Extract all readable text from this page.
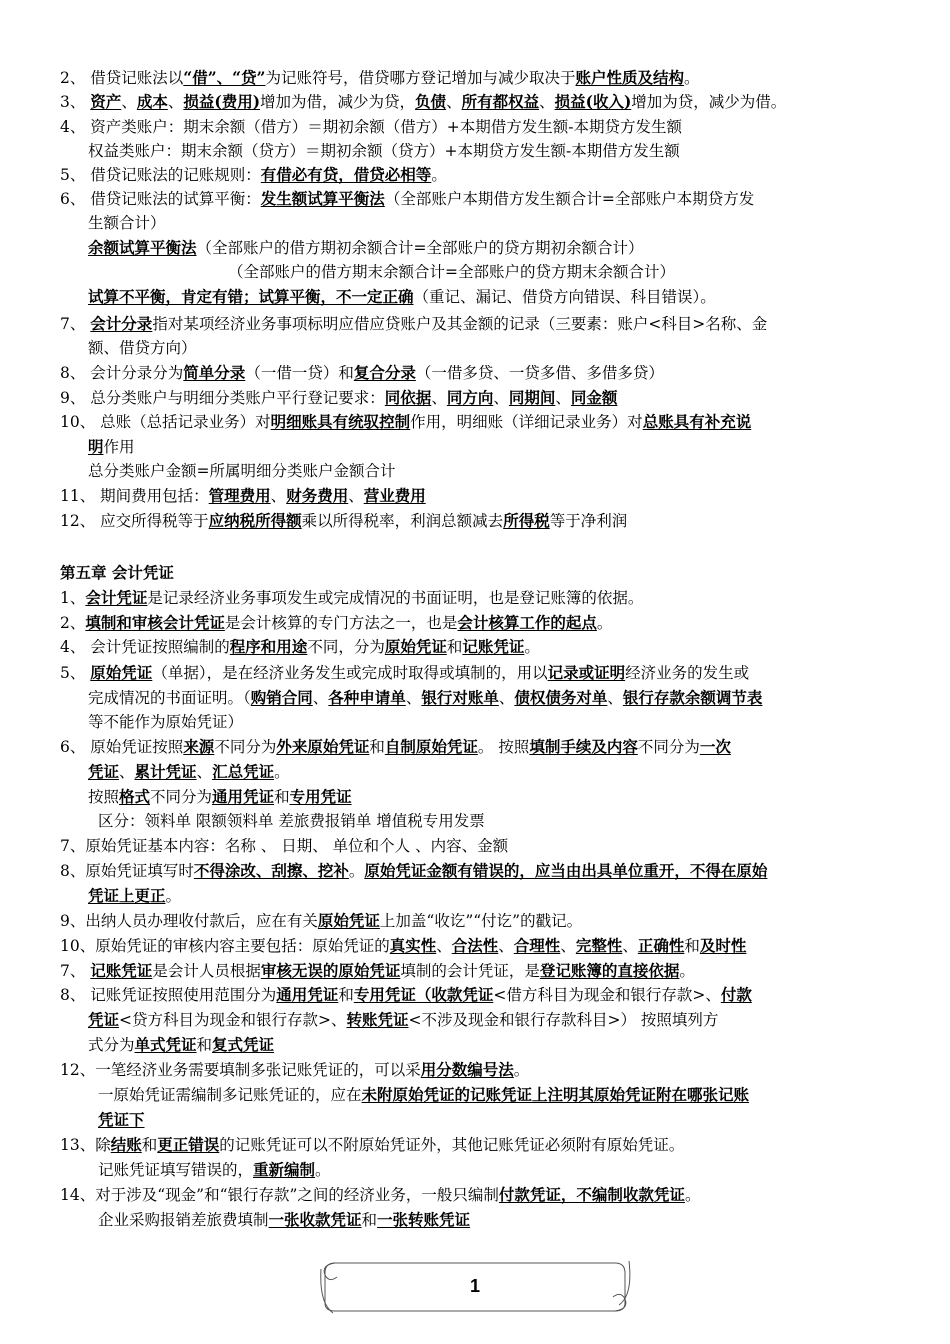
2、 借贷记账法以“借”、“贷”为记账符号，借贷哪方登记增加与减少取决于账户性质及结构。
3、 资产、成本、损益(费用)增加为借，减少为贷，负债、所有都权益、损益(收入)增加为贷，减少为借。
4、 资产类账户：期末余额（借方）＝期初余额（借方）+本期借方发生额-本期贷方发生额
权益类账户：期末余额（贷方）＝期初余额（贷方）+本期贷方发生额-本期借方发生额
5、 借贷记账法的记账规则：有借必有贷，借贷必相等。
6、 借贷记账法的试算平衡：发生额试算平衡法（全部账户本期借方发生额合计=全部账户本期贷方发
生额合计）
余额试算平衡法（全部账户的借方期初余额合计=全部账户的贷方期初余额合计）
（全部账户的借方期末余额合计=全部账户的贷方期末余额合计）
试算不平衡，肯定有错；试算平衡，不一定正确（重记、漏记、借贷方向错误、科目错误）。
7、 会计分录指对某项经济业务事项标明应借应贷账户及其金额的记录（三要素：账户<科目>名称、金
额、借贷方向）
8、 会计分录分为简单分录（一借一贷）和复合分录（一借多贷、一贷多借、多借多贷）
9、 总分类账户与明细分类账户平行登记要求：同依据、同方向、同期间、同金额
10、 总账（总括记录业务）对明细账具有统驭控制作用，明细账（详细记录业务）对总账具有补充说
明作用
总分类账户金额=所属明细分类账户金额合计
11、 期间费用包括：管理费用、财务费用、营业费用
12、 应交所得税等于应纳税所得额乘以所得税率，利润总额减去所得税等于净利润
第五章 会计凭证
1、会计凭证是记录经济业务事项发生或完成情况的书面证明，也是登记账簿的依据。
2、填制和审核会计凭证是会计核算的专门方法之一，也是会计核算工作的起点。
4、 会计凭证按照编制的程序和用途不同，分为原始凭证和记账凭证。
5、 原始凭证（单据），是在经济业务发生或完成时取得或填制的，用以记录或证明经济业务的发生或
完成情况的书面证明。（购销合同、各种申请单、银行对账单、债权债务对单、银行存款余额调节表
等不能作为原始凭证）
6、 原始凭证按照来源不同分为外来原始凭证和自制原始凭证。 按照填制手续及内容不同分为一次
凭证、累计凭证、汇总凭证。
按照格式不同分为通用凭证和专用凭证
区分：领料单 限额领料单 差旅费报销单 增值税专用发票
7、原始凭证基本内容：名称 、 日期、 单位和个人 、内容、金额
8、原始凭证填写时不得涂改、刮擦、挖补。原始凭证金额有错误的，应当由出具单位重开，不得在原始
凭证上更正。
9、出纳人员办理收付款后，应在有关原始凭证上加盖“收讫”“付讫”的戳记。
10、原始凭证的审核内容主要包括：原始凭证的真实性、合法性、合理性、完整性、正确性和及时性
7、 记账凭证是会计人员根据审核无误的原始凭证填制的会计凭证，是登记账簿的直接依据。
8、 记账凭证按照使用范围分为通用凭证和专用凭证（收款凭证<借方科目为现金和银行存款>、付款
凭证<贷方科目为现金和银行存款>、转账凭证<不涉及现金和银行存款科目>） 按照填列方
式分为单式凭证和复式凭证
12、一笔经济业务需要填制多张记账凭证的，可以采用分数编号法。
一原始凭证需编制多记账凭证的，应在未附原始凭证的记账凭证上注明其原始凭证附在哪张记账
凭证下
13、除结账和更正错误的记账凭证可以不附原始凭证外，其他记账凭证必须附有原始凭证。
记账凭证填写错误的，重新编制。
14、对于涉及“现金”和“银行存款”之间的经济业务，一般只编制付款凭证，不编制收款凭证。
企业采购报销差旅费填制一张收款凭证和一张转账凭证
1
